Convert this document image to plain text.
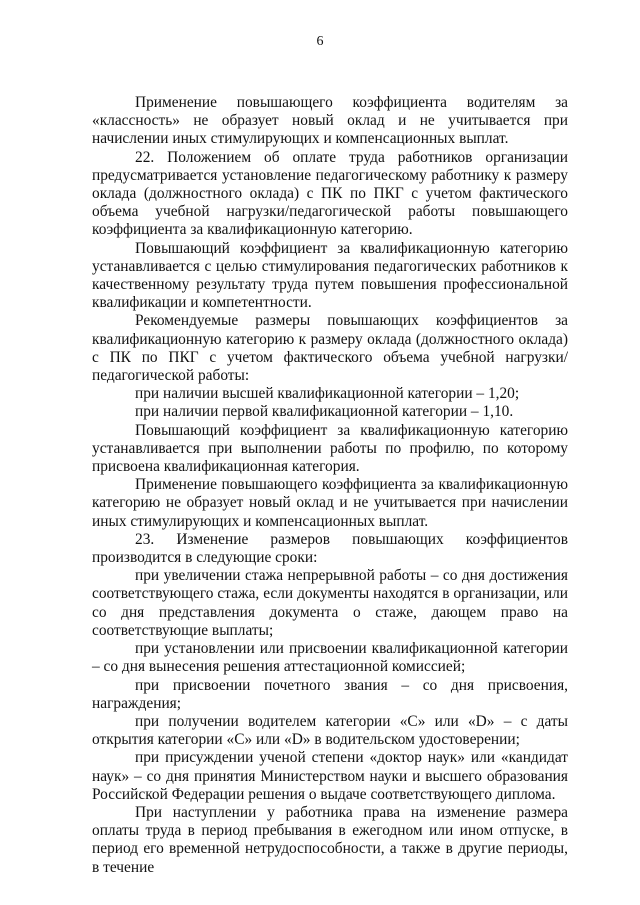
6

Применение повышающего коэффициента водителям за «классность» не образует новый оклад и не учитывается при начислении иных стимулирующих и компенсационных выплат.

22. Положением об оплате труда работников организации предусматривается установление педагогическому работнику к размеру оклада (должностного оклада) с ПК по ПКГ с учетом фактического объема учебной нагрузки/педагогической работы повышающего коэффициента за квалификационную категорию.

Повышающий коэффициент за квалификационную категорию устанавливается с целью стимулирования педагогических работников к качественному результату труда путем повышения профессиональной квалификации и компетентности.

Рекомендуемые размеры повышающих коэффициентов за квалификационную категорию к размеру оклада (должностного оклада) с ПК по ПКГ с учетом фактического объема учебной нагрузки/педагогической работы:

при наличии высшей квалификационной категории – 1,20;

при наличии первой квалификационной категории – 1,10.

Повышающий коэффициент за квалификационную категорию устанавливается при выполнении работы по профилю, по которому присвоена квалификационная категория.

Применение повышающего коэффициента за квалификационную категорию не образует новый оклад и не учитывается при начислении иных стимулирующих и компенсационных выплат.

23. Изменение размеров повышающих коэффициентов производится в следующие сроки:

при увеличении стажа непрерывной работы – со дня достижения соответствующего стажа, если документы находятся в организации, или со дня представления документа о стаже, дающем право на соответствующие выплаты;

при установлении или присвоении квалификационной категории – со дня вынесения решения аттестационной комиссией;

при присвоении почетного звания – со дня присвоения, награждения;

при получении водителем категории «С» или «D» – с даты открытия категории «С» или «D» в водительском удостоверении;

при присуждении ученой степени «доктор наук» или «кандидат наук» – со дня принятия Министерством науки и высшего образования Российской Федерации решения о выдаче соответствующего диплома.

При наступлении у работника права на изменение размера оплаты труда в период пребывания в ежегодном или ином отпуске, в период его временной нетрудоспособности, а также в другие периоды, в течение
